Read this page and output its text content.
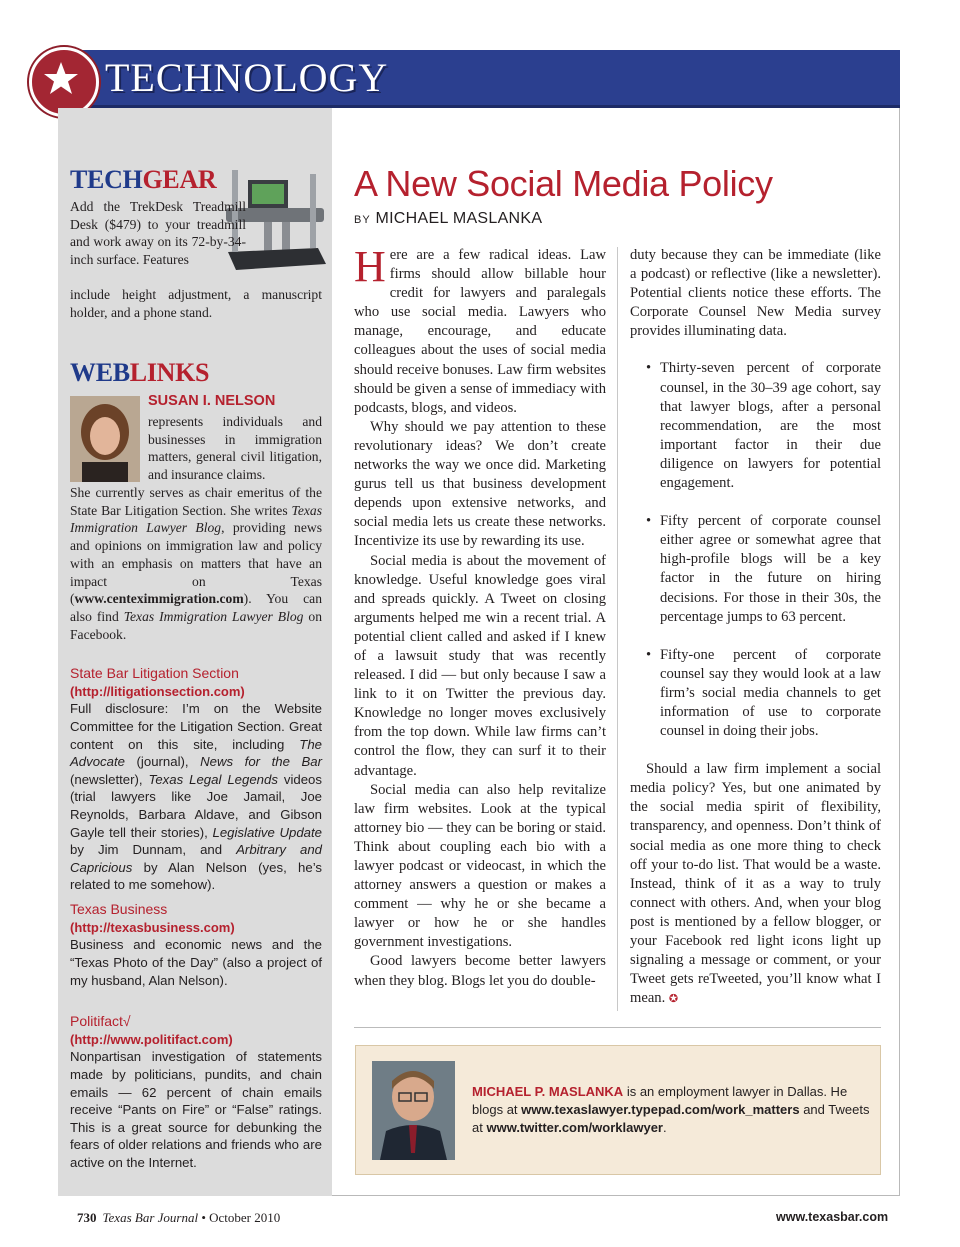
TECHNOLOGY
TECHGEAR
Add the TrekDesk Treadmill Desk ($479) to your treadmill and work away on its 72-by-34-inch surface. Features
include height adjustment, a manuscript holder, and a phone stand.
WEBLINKS
SUSAN I. NELSON
represents individuals and businesses in immigration matters, general civil litigation, and insurance claims.
She currently serves as chair emeritus of the State Bar Litigation Section. She writes Texas Immigration Lawyer Blog, providing news and opinions on immigration law and policy with an emphasis on matters that have an impact on Texas (www.centeximmigration.com). You can also find Texas Immigration Lawyer Blog on Facebook.
State Bar Litigation Section
(http://litigationsection.com)
Full disclosure: I’m on the Website Committee for the Litigation Section. Great content on this site, including The Advocate (journal), News for the Bar (newsletter), Texas Legal Legends videos (trial lawyers like Joe Jamail, Joe Reynolds, Barbara Aldave, and Gibson Gayle tell their stories), Legislative Update by Jim Dunnam, and Arbitrary and Capricious by Alan Nelson (yes, he’s related to me somehow).
Texas Business
(http://texasbusiness.com)
Business and economic news and the “Texas Photo of the Day” (also a project of my husband, Alan Nelson).
Politifact√
(http://www.politifact.com)
Nonpartisan investigation of statements made by politicians, pundits, and chain emails — 62 percent of chain emails receive “Pants on Fire” or “False” ratings. This is a great source for debunking the fears of older relations and friends who are active on the Internet.
A New Social Media Policy
BY MICHAEL MASLANKA

Here are a few radical ideas. Law firms should allow billable hour credit for lawyers and paralegals who use social media. Lawyers who manage, encourage, and educate colleagues about the uses of social media should receive bonuses. Law firm websites should be given a sense of immediacy with podcasts, blogs, and videos.

Why should we pay attention to these revolutionary ideas? We don’t create networks the way we once did. Marketing gurus tell us that business development depends upon extensive networks, and social media lets us create these networks. Incentivize its use by rewarding its use.

Social media is about the movement of knowledge. Useful knowledge goes viral and spreads quickly. A Tweet on closing arguments helped me win a recent trial. A potential client called and asked if I knew of a lawsuit study that was recently released. I did — but only because I saw a link to it on Twitter the previous day. Knowledge no longer moves exclusively from the top down. While law firms can’t control the flow, they can surf it to their advantage.

Social media can also help revitalize law firm websites. Look at the typical attorney bio — they can be boring or staid. Think about coupling each bio with a lawyer podcast or videocast, in which the attorney answers a question or makes a comment — why he or she became a lawyer or how he or she handles government investigations.

Good lawyers become better lawyers when they blog. Blogs let you do double-

duty because they can be immediate (like a podcast) or reflective (like a newsletter). Potential clients notice these efforts. The Corporate Counsel New Media survey provides illuminating data.

• Thirty-seven percent of corporate counsel, in the 30–39 age cohort, say that lawyer blogs, after a personal recommendation, are the most important factor in their due diligence on lawyers for potential engagement.
• Fifty percent of corporate counsel either agree or somewhat agree that high-profile blogs will be a key factor in the future on hiring decisions. For those in their 30s, the percentage jumps to 63 percent.
• Fifty-one percent of corporate counsel say they would look at a law firm’s social media channels to get information of use to corporate counsel in doing their jobs.

Should a law firm implement a social media policy? Yes, but one animated by the social media spirit of flexibility, transparency, and openness. Don’t think of social media as one more thing to check off your to-do list. That would be a waste. Instead, think of it as a way to truly connect with others. And, when your blog post is mentioned by a fellow blogger, or your Facebook red light icons light up signaling a message or comment, or your Tweet gets reTweeted, you’ll know what I mean. ✪

MICHAEL P. MASLANKA is an employment lawyer in Dallas. He blogs at www.texaslawyer.typepad.com/work_matters and Tweets at www.twitter.com/worklawyer.
730 Texas Bar Journal • October 2010	www.texasbar.com
